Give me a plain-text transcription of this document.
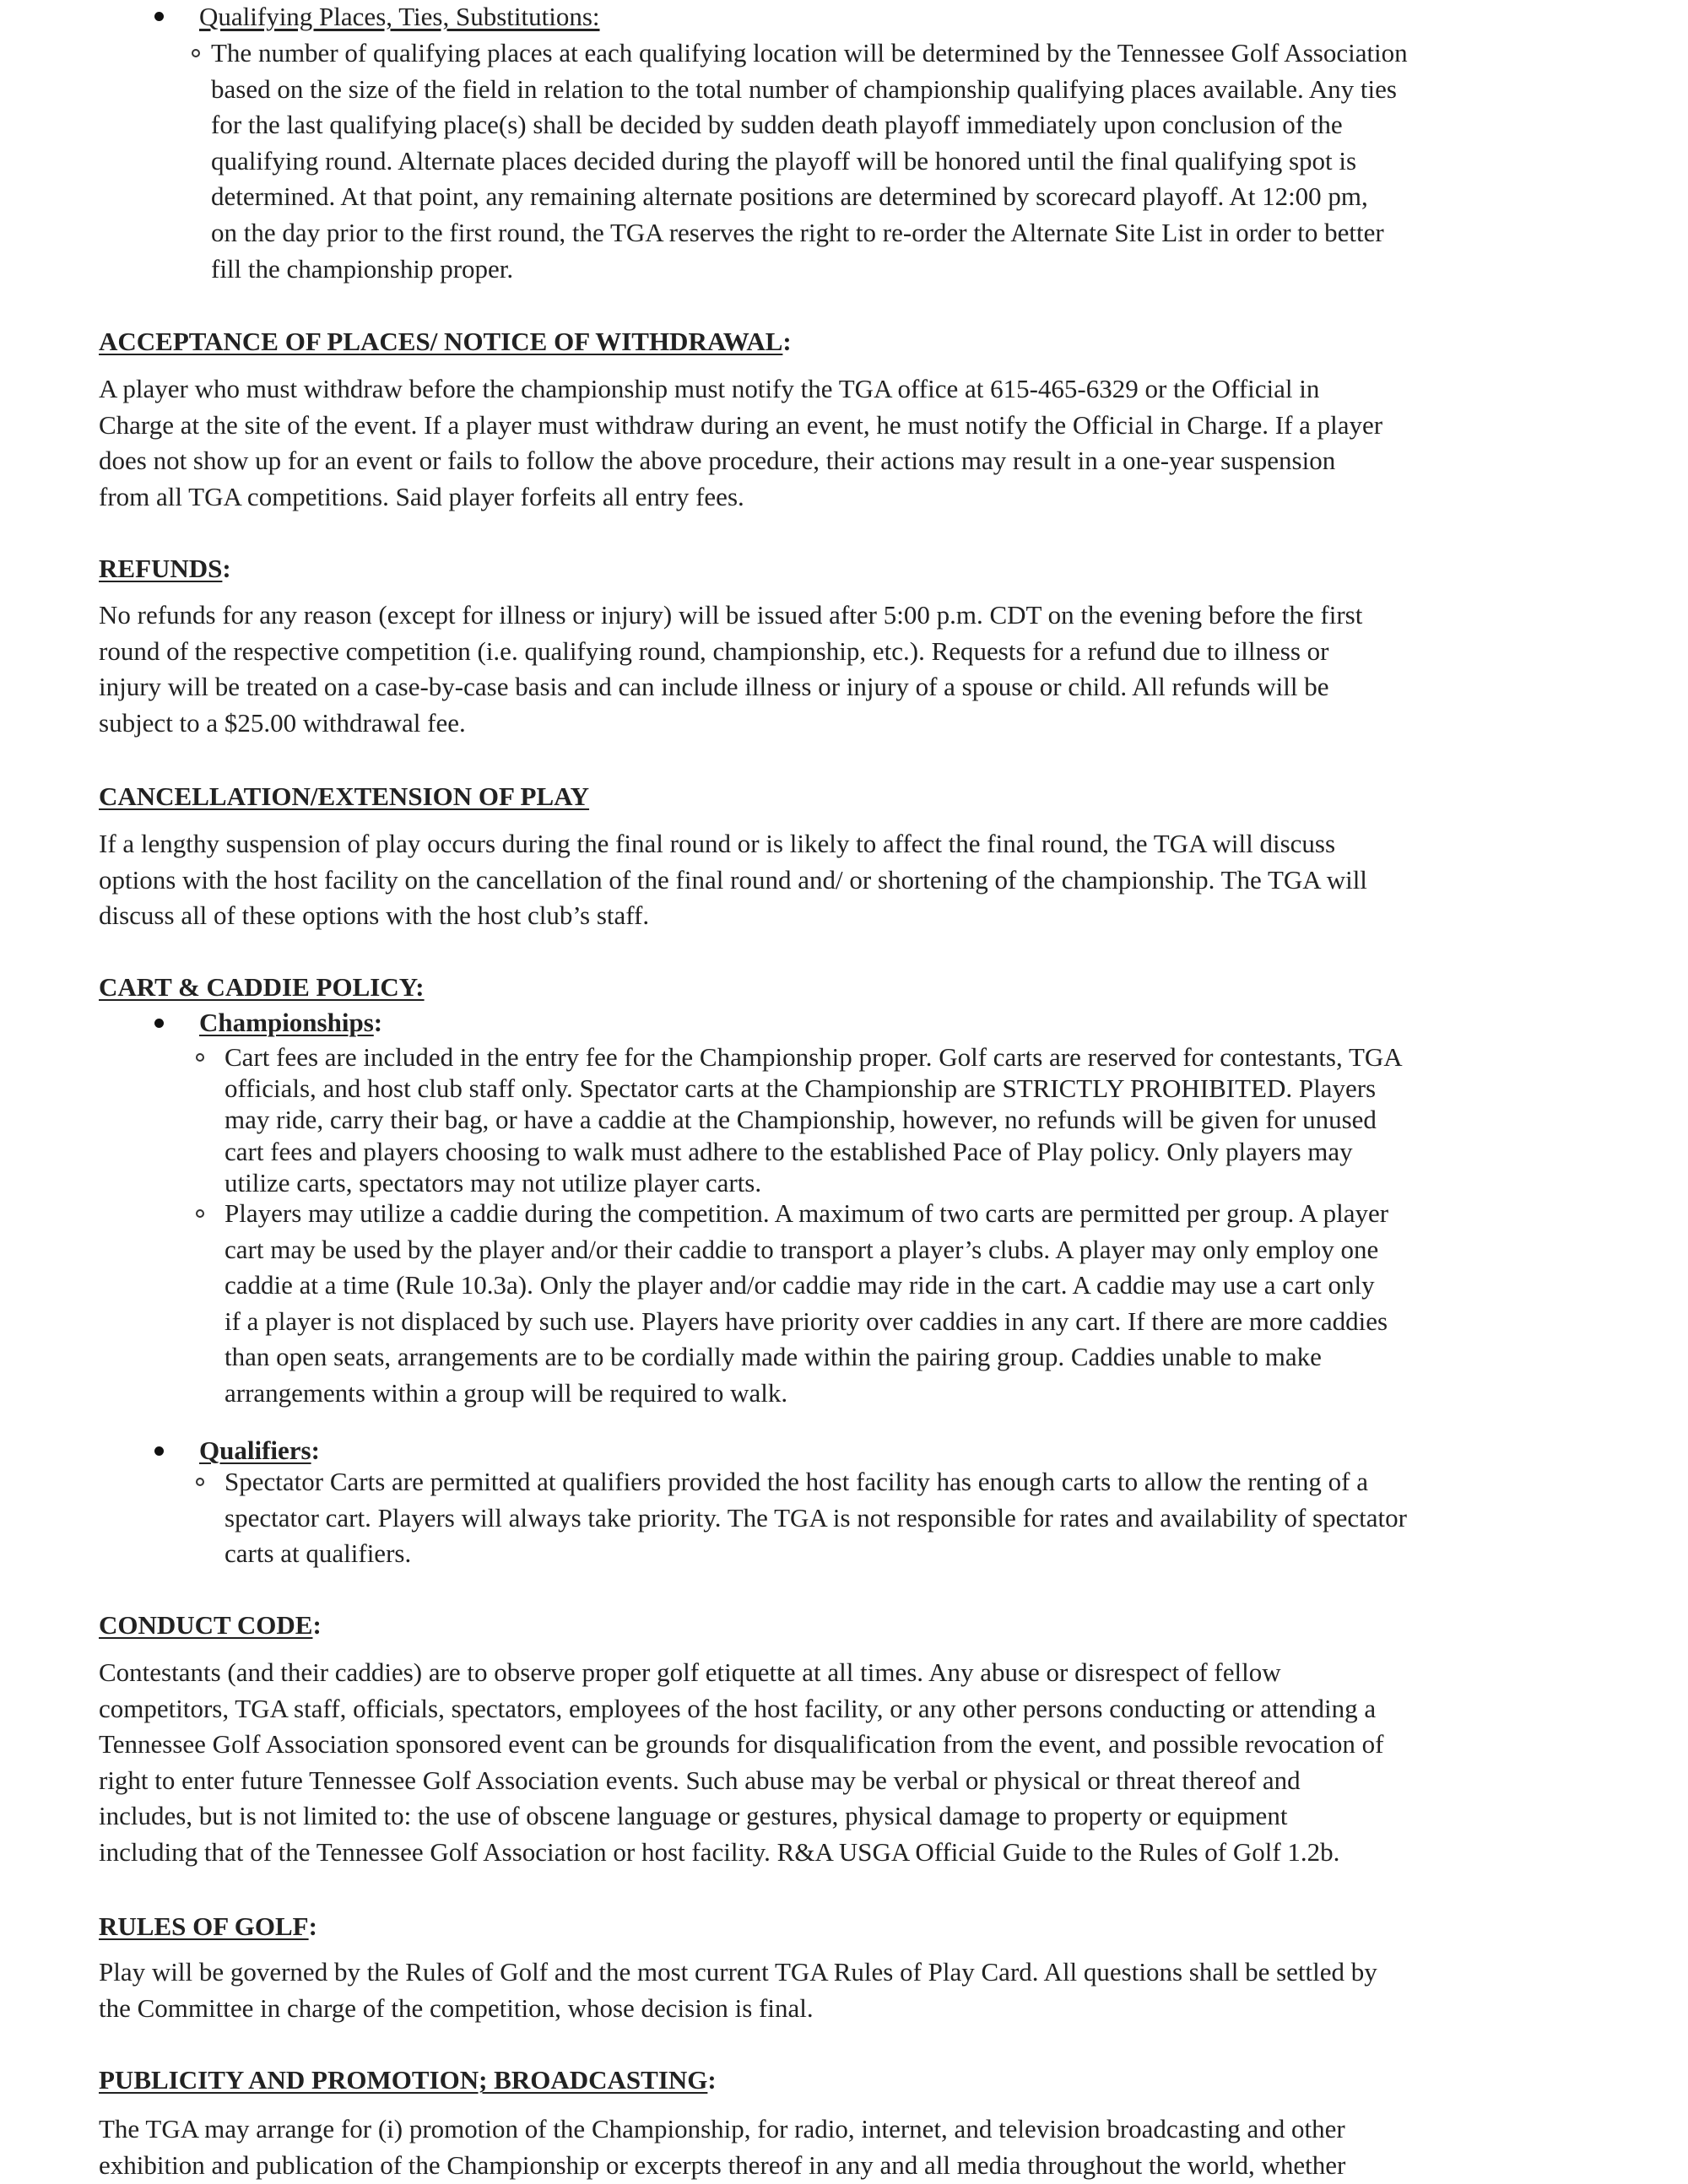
Qualifying Places, Ties, Substitutions:
The number of qualifying places at each qualifying location will be determined by the Tennessee Golf Association
based on the size of the field in relation to the total number of championship qualifying places available. Any ties
for the last qualifying place(s) shall be decided by sudden death playoff immediately upon conclusion of the
qualifying round. Alternate places decided during the playoff will be honored until the final qualifying spot is
determined. At that point, any remaining alternate positions are determined by scorecard playoff. At 12:00 pm,
on the day prior to the first round, the TGA reserves the right to re-order the Alternate Site List in order to better
fill the championship proper.
ACCEPTANCE OF PLACES/ NOTICE OF WITHDRAWAL:
A player who must withdraw before the championship must notify the TGA office at 615-465-6329 or the Official in
Charge at the site of the event. If a player must withdraw during an event, he must notify the Official in Charge. If a player
does not show up for an event or fails to follow the above procedure, their actions may result in a one-year suspension
from all TGA competitions. Said player forfeits all entry fees.
REFUNDS:
No refunds for any reason (except for illness or injury) will be issued after 5:00 p.m. CDT on the evening before the first
round of the respective competition (i.e. qualifying round, championship, etc.). Requests for a refund due to illness or
injury will be treated on a case-by-case basis and can include illness or injury of a spouse or child. All refunds will be
subject to a $25.00 withdrawal fee.
CANCELLATION/EXTENSION OF PLAY
If a lengthy suspension of play occurs during the final round or is likely to affect the final round, the TGA will discuss
options with the host facility on the cancellation of the final round and/ or shortening of the championship. The TGA will
discuss all of these options with the host club’s staff.
CART & CADDIE POLICY:
Championships:
Cart fees are included in the entry fee for the Championship proper. Golf carts are reserved for contestants, TGA
officials, and host club staff only. Spectator carts at the Championship are STRICTLY PROHIBITED. Players
may ride, carry their bag, or have a caddie at the Championship, however, no refunds will be given for unused
cart fees and players choosing to walk must adhere to the established Pace of Play policy. Only players may
utilize carts, spectators may not utilize player carts.
Players may utilize a caddie during the competition. A maximum of two carts are permitted per group. A player
cart may be used by the player and/or their caddie to transport a player’s clubs. A player may only employ one
caddie at a time (Rule 10.3a). Only the player and/or caddie may ride in the cart. A caddie may use a cart only
if a player is not displaced by such use. Players have priority over caddies in any cart. If there are more caddies
than open seats, arrangements are to be cordially made within the pairing group. Caddies unable to make
arrangements within a group will be required to walk.
Qualifiers:
Spectator Carts are permitted at qualifiers provided the host facility has enough carts to allow the renting of a
spectator cart. Players will always take priority. The TGA is not responsible for rates and availability of spectator
carts at qualifiers.
CONDUCT CODE:
Contestants (and their caddies) are to observe proper golf etiquette at all times. Any abuse or disrespect of fellow
competitors, TGA staff, officials, spectators, employees of the host facility, or any other persons conducting or attending a
Tennessee Golf Association sponsored event can be grounds for disqualification from the event, and possible revocation of
right to enter future Tennessee Golf Association events. Such abuse may be verbal or physical or threat thereof and
includes, but is not limited to: the use of obscene language or gestures, physical damage to property or equipment
including that of the Tennessee Golf Association or host facility. R&A USGA Official Guide to the Rules of Golf 1.2b.
RULES OF GOLF:
Play will be governed by the Rules of Golf and the most current TGA Rules of Play Card. All questions shall be settled by
the Committee in charge of the competition, whose decision is final.
PUBLICITY AND PROMOTION; BROADCASTING:
The TGA may arrange for (i) promotion of the Championship, for radio, internet, and television broadcasting and other
exhibition and publication of the Championship or excerpts thereof in any and all media throughout the world, whether
